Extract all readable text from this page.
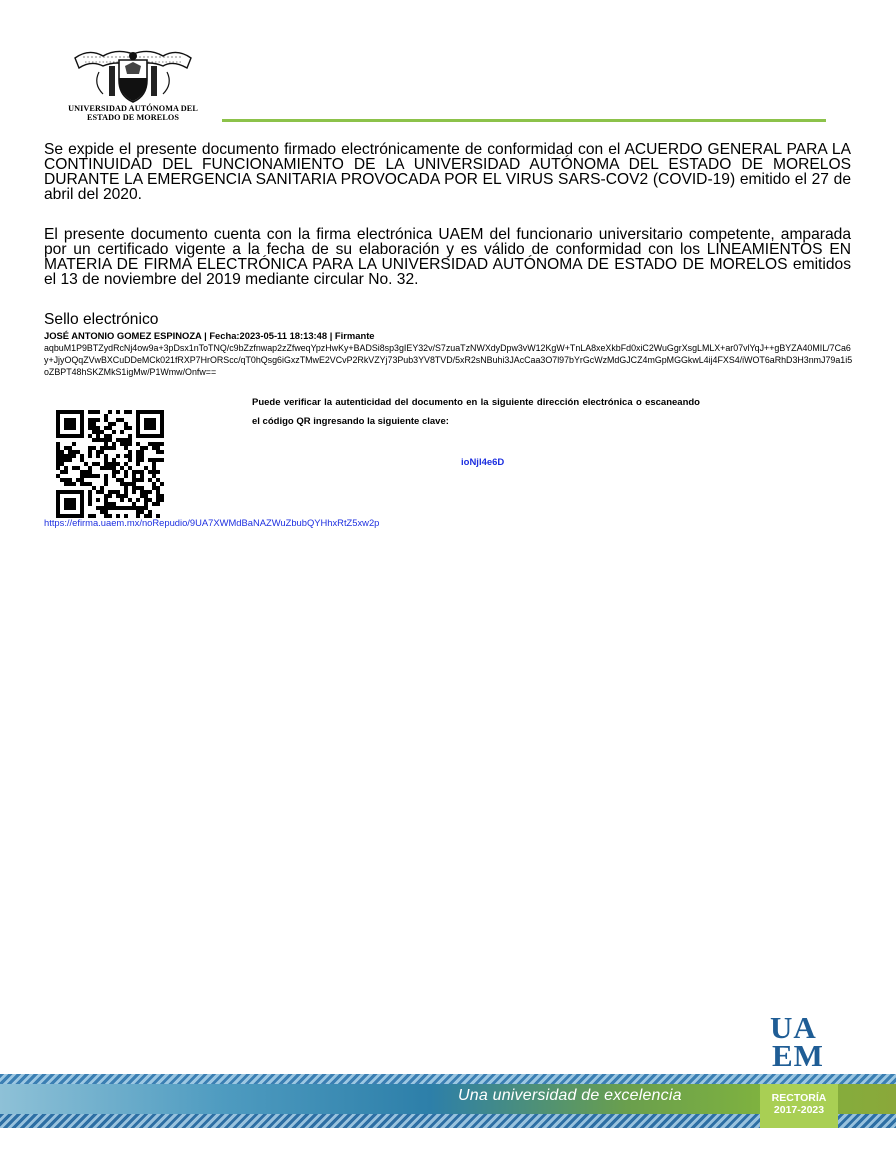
UNIVERSIDAD AUTÓNOMA DEL
ESTADO DE MORELOS

Se expide el presente documento firmado electrónicamente de conformidad con el ACUERDO GENERAL PARA LA CONTINUIDAD DEL FUNCIONAMIENTO DE LA UNIVERSIDAD AUTÓNOMA DEL ESTADO DE MORELOS DURANTE LA EMERGENCIA SANITARIA PROVOCADA POR EL VIRUS SARS-COV2 (COVID-19) emitido el 27 de abril del 2020.

El presente documento cuenta con la firma electrónica UAEM del funcionario universitario competente, amparada por un certificado vigente a la fecha de su elaboración y es válido de conformidad con los LINEAMIENTOS EN MATERIA DE FIRMA ELECTRÓNICA PARA LA UNIVERSIDAD AUTÓNOMA DE ESTADO DE MORELOS emitidos el 13 de noviembre del 2019 mediante circular No. 32.

Sello electrónico
JOSÉ ANTONIO GOMEZ ESPINOZA | Fecha:2023-05-11 18:13:48 | Firmante

aqbuM1P9BTZydRcNj4ow9a+3pDsx1nToTNQ/c9bZzfnwap2zZfweqYpzHwKy+BADSi8sp3gIEY32v/S7zuaTzNWXdyDpw3vW12KgW+TnLA8xeXkbFd0xiC2WuGgrXsgLMLX+ar07vlYqJ++gBYZA40MIL/7Ca6y+JjyOQqZVwBXCuDDeMCk021fRXP7HrORScc/qT0hQsg6iGxzTMwE2VCvP2RkVZYj73Pub3YV8TVD/5xR2sNBuhi3JAcCaa3O7l97bYrGcWzMdGJCZ4mGpMGGkwL4ij4FXS4/iWOT6aRhD3H3nmJ79a1i5oZBPT48hSKZMkS1igMw/P1Wmw/Onfw==

Puede verificar la autenticidad del documento en la siguiente dirección electrónica o escaneando el código QR ingresando la siguiente clave:

ioNjl4e6D
https://efirma.uaem.mx/noRepudio/9UA7XWMdBaNAZWuZbubQYHhxRtZ5xw2p
UA
EM
Una universidad de excelencia	RECTORÍA
2017-2023
